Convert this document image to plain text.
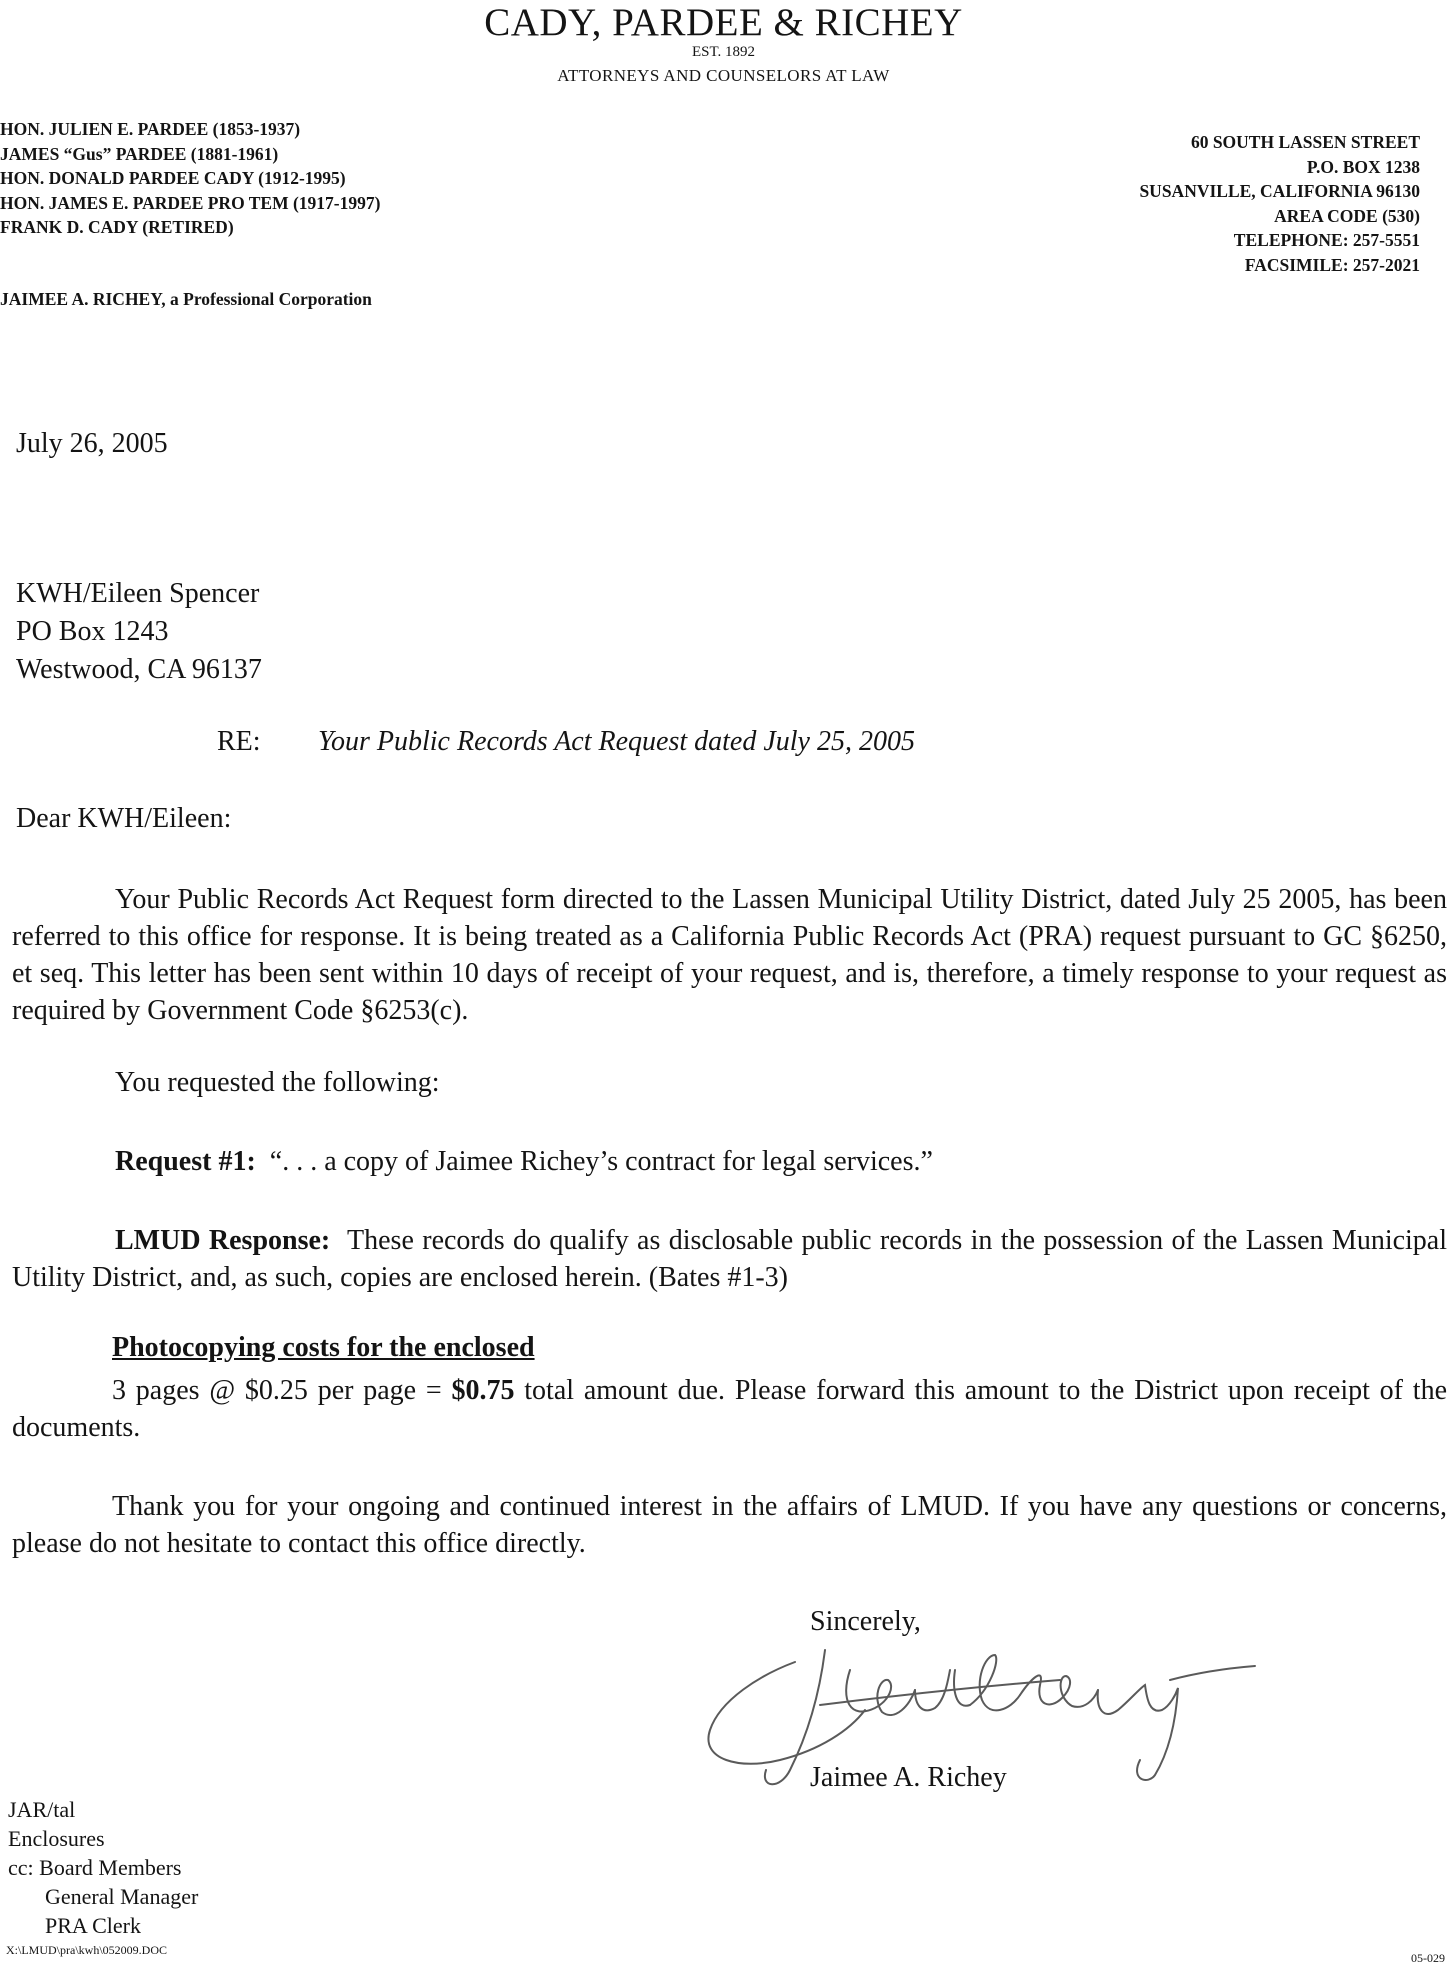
CADY, PARDEE & RICHEY
EST. 1892
ATTORNEYS AND COUNSELORS AT LAW
HON. JULIEN E. PARDEE (1853-1937)
JAMES “Gus” PARDEE (1881-1961)
HON. DONALD PARDEE CADY (1912-1995)
HON. JAMES E. PARDEE PRO TEM (1917-1997)
FRANK D. CADY (RETIRED)
60 SOUTH LASSEN STREET
P.O. BOX 1238
SUSANVILLE, CALIFORNIA 96130
AREA CODE (530)
TELEPHONE: 257-5551
FACSIMILE: 257-2021
JAIMEE A. RICHEY, a Professional Corporation
July 26, 2005
KWH/Eileen Spencer
PO Box 1243
Westwood, CA 96137
RE: Your Public Records Act Request dated July 25, 2005
Dear KWH/Eileen:
Your Public Records Act Request form directed to the Lassen Municipal Utility District, dated July 25 2005, has been referred to this office for response. It is being treated as a California Public Records Act (PRA) request pursuant to GC §6250, et seq. This letter has been sent within 10 days of receipt of your request, and is, therefore, a timely response to your request as required by Government Code §6253(c).
You requested the following:
Request #1: “. . . a copy of Jaimee Richey’s contract for legal services.”
LMUD Response: These records do qualify as disclosable public records in the possession of the Lassen Municipal Utility District, and, as such, copies are enclosed herein. (Bates #1-3)
Photocopying costs for the enclosed
3 pages @ $0.25 per page = $0.75 total amount due. Please forward this amount to the District upon receipt of the documents.
Thank you for your ongoing and continued interest in the affairs of LMUD. If you have any questions or concerns, please do not hesitate to contact this office directly.
Sincerely,
Jaimee A. Richey
JAR/tal
Enclosures
cc: Board Members
General Manager
PRA Clerk
X:\LMUD\pra\kwh\052009.DOC
05-029
